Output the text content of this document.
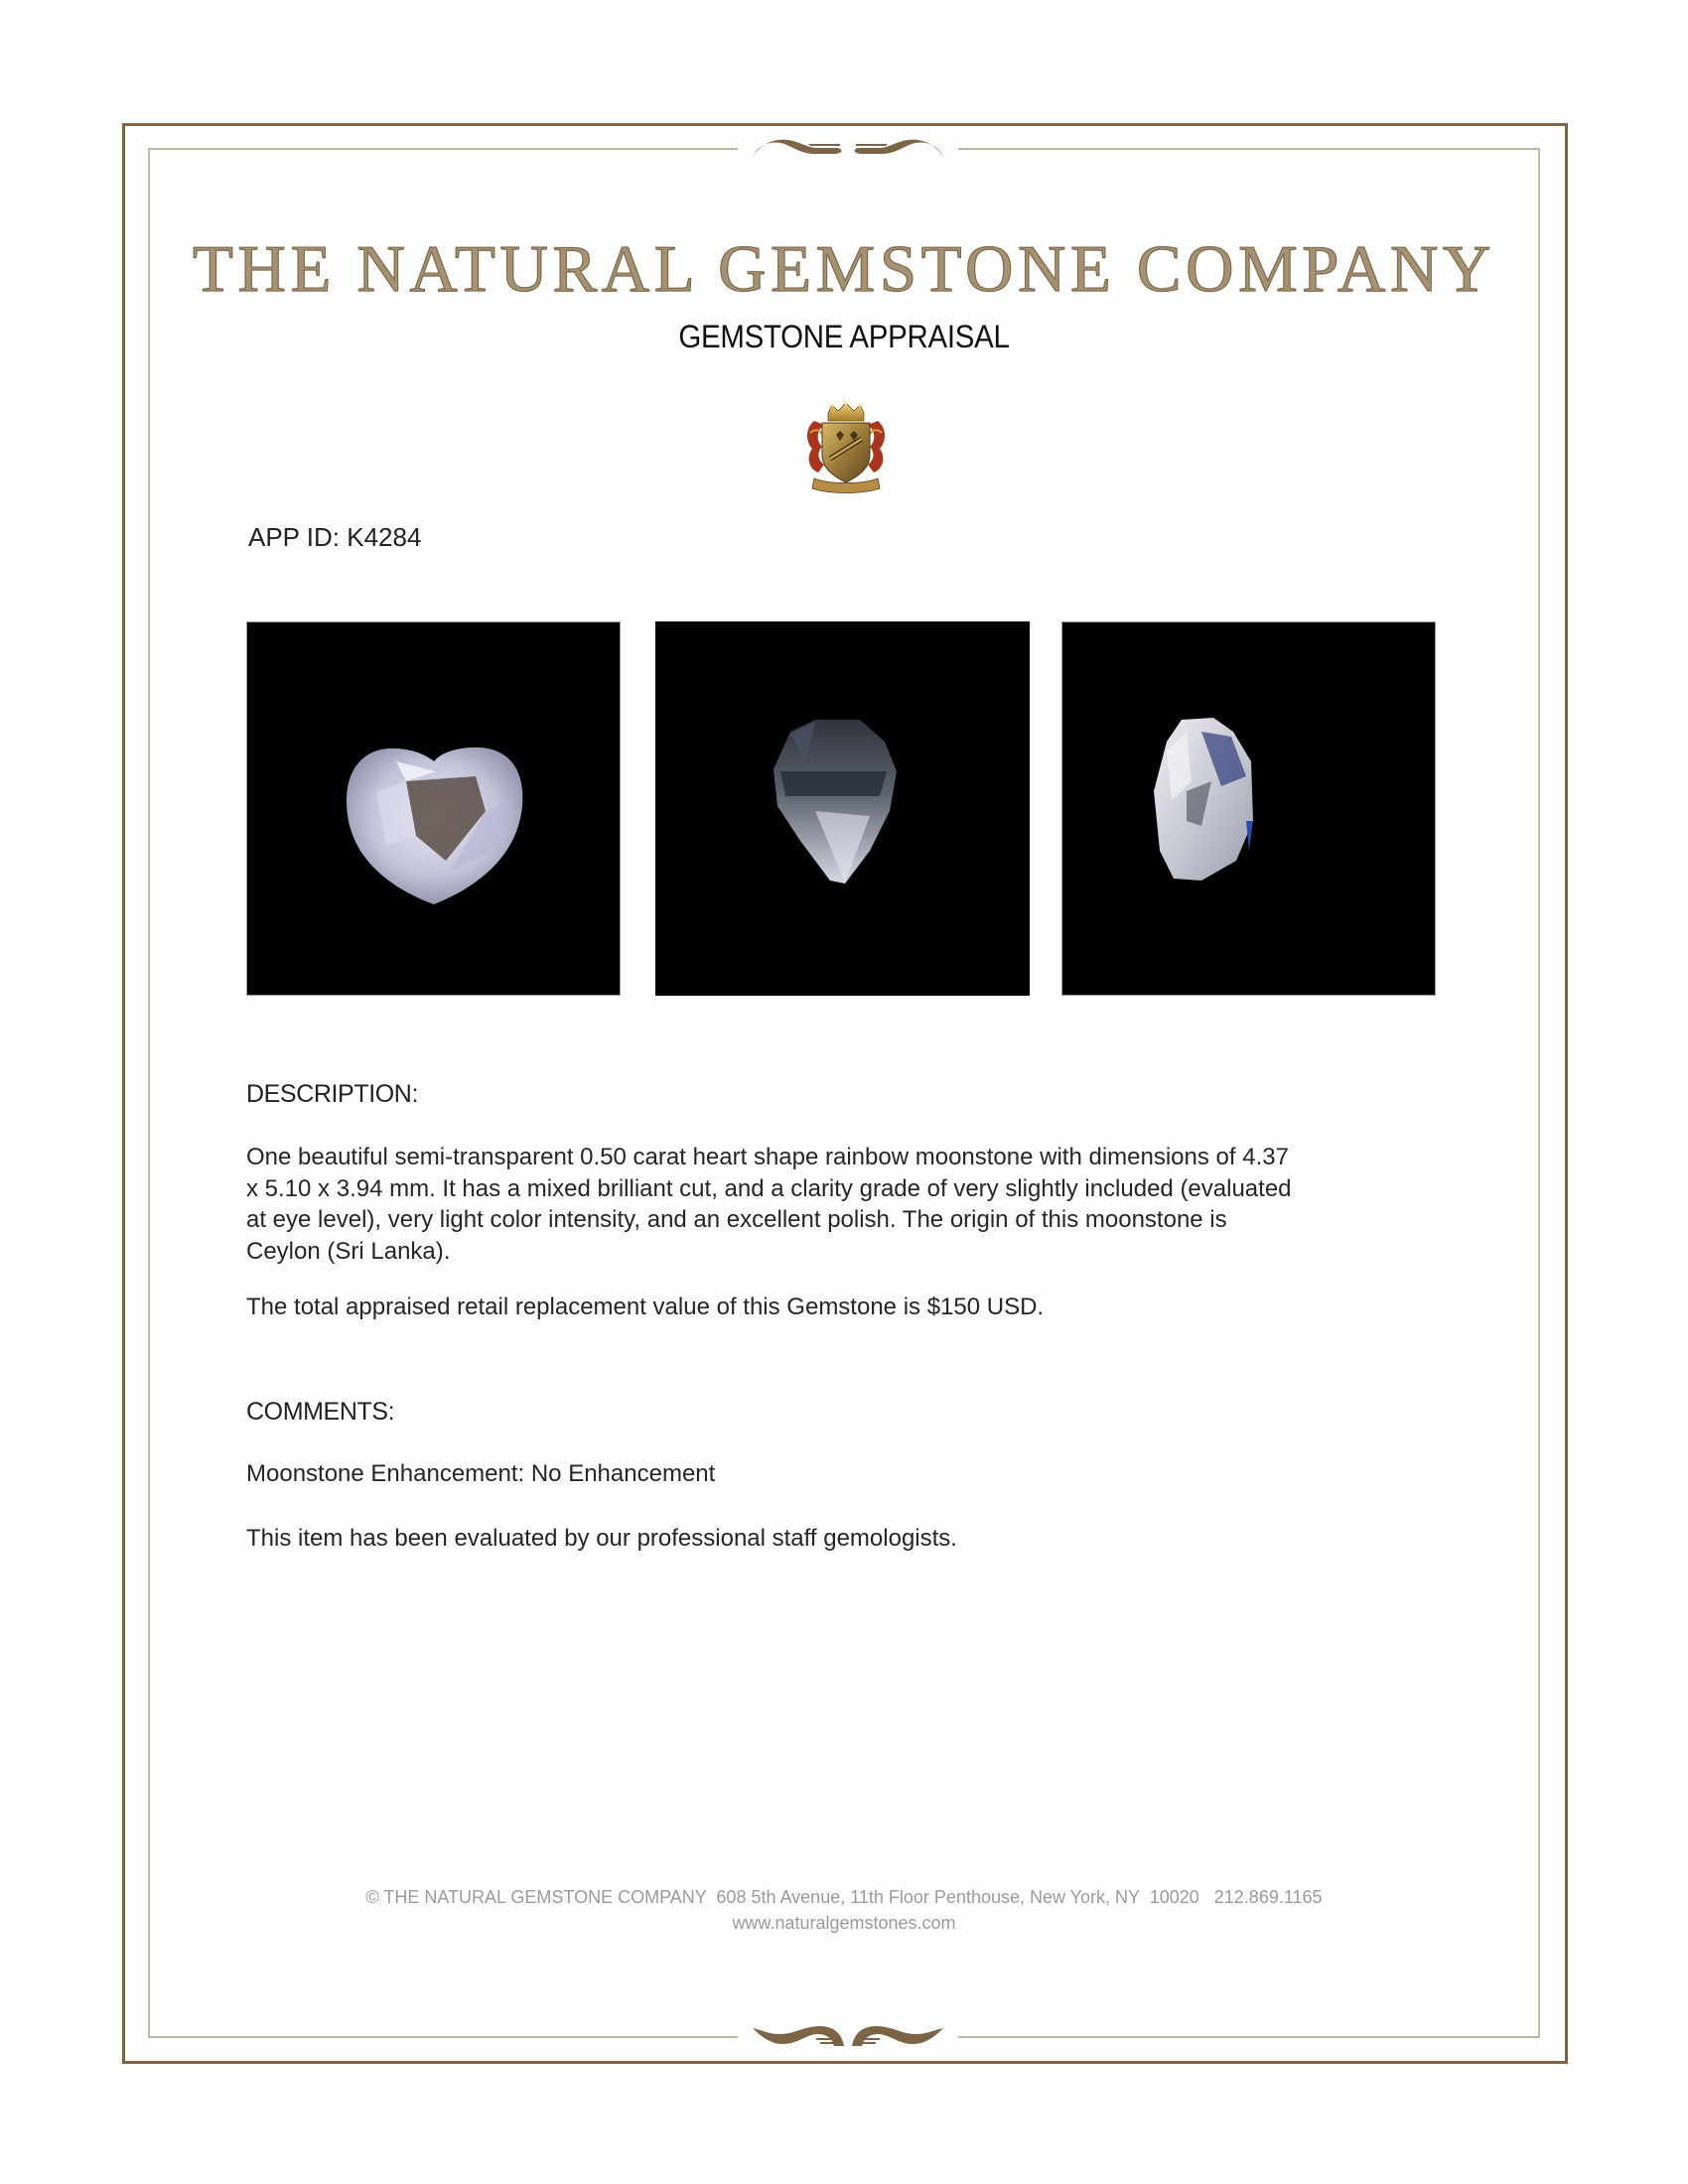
THE NATURAL GEMSTONE COMPANY
GEMSTONE APPRAISAL
APP ID: K4284
DESCRIPTION:
One beautiful semi-transparent 0.50 carat heart shape rainbow moonstone with dimensions of 4.37
x 5.10 x 3.94 mm. It has a mixed brilliant cut, and a clarity grade of very slightly included (evaluated
at eye level), very light color intensity, and an excellent polish. The origin of this moonstone is
Ceylon (Sri Lanka).
The total appraised retail replacement value of this Gemstone is $150 USD.
COMMENTS:
Moonstone Enhancement: No Enhancement
This item has been evaluated by our professional staff gemologists.
© THE NATURAL GEMSTONE COMPANY  608 5th Avenue, 11th Floor Penthouse, New York, NY  10020   212.869.1165
www.naturalgemstones.com
